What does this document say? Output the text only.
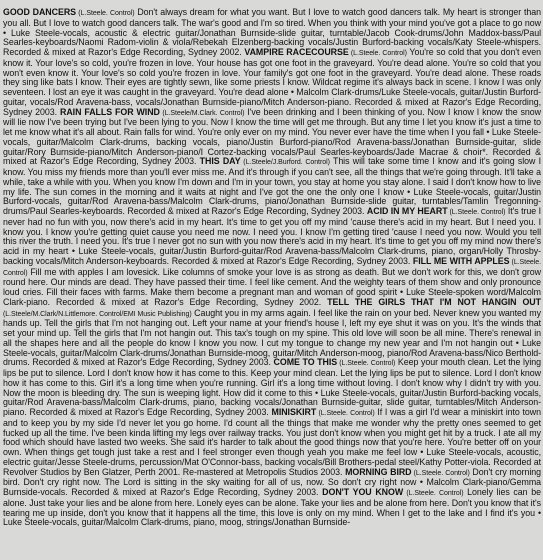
GOOD DANCERS (L.Steele. Control) Don't always dream for what you want. But I love to watch good dancers talk. My heart is stronger than you all. But I love to watch good dancers talk. The war's good and I'm so tired. When you think with your mind you've got a place to go now • Luke Steele-vocals, acoustic & electric guitar/Jonathan Burnside-slide guitar, turntable/Jacob Cook-drums/John Maddox-bass/Paul Searles-keyboards/Naomi Radom-violin & viola/Rebekah Elzenberg-backing vocals/Justin Burford-backing vocals/Katy Steele-whispers. Recorded & mixed at Razor's Edge Recording, Sydney 2002. VAMPIRE RACECOURSE (L.Steele. Control) You're so cold that you don't even know it. Your love's so cold, you're frozen in love. Your house has got one foot in the graveyard. You're dead alone. You're so cold that you won't even know it. Your love's so cold you're frozen in love. Your family's got one foot in the graveyard. You're dead alone. These roads they sing like bats I know. Their eyes are tightly sewn, like some priests I know. Wildcat regime it's always back in scene. I know I was only seventeen. I lost an eye it was caught in the graveyard. You're dead alone • Malcolm Clark-drums/Luke Steele-vocals, guitar/Justin Burford-guitar, vocals/Rod Aravena-bass, vocals/Jonathan Burnside-piano/Mitch Anderson-piano. Recorded & mixed at Razor's Edge Recording, Sydney 2003. RAIN FALLS FOR WIND (L.Steele/M.Clark. Control) I've been drinking and I been thinking of you. Now I know I know the snow will lie now I've been trying but I've been lying to you. Now I know the time will get me through. But any time I let you know it's just a time to let me know what it's all about. Rain falls for wind. You're only ever on my mind. You never ever have the time when I you fall • Luke Steele-vocals, guitar/Malcolm Clark-drums, backing vocals, piano/Justin Burford-piano/Rod Aravena-bass/Jonathan Burnside-guitar, slide guitar/Rory Burnside-piano/Mitch Anderson-piano/I Cortez-backing vocals/Paul Searles-keyboards/Jade Macrae & choir*. Recorded & mixed at Razor's Edge Recording, Sydney 2003. THIS DAY (L.Steele/J.Burford. Control) This will take some time I know and it's going slow I know. You miss my friends more than you'll ever miss me. And it's through if you can't see, all the things that we're going through. It'll take a while, take a while with you. When you know I'm down and I'm in your town, you stay at home you stay alone. I said I don't know how to live my life. The sun comes in the morning and it waits at night and I've got the one the only one I know • Luke Steele-vocals, guitar/Justin Burford-vocals, guitar/Rod Aravena-bass/Malcolm Clark-drums, piano/Jonathan Burnside-slide guitar, turntables/Tamlin Tregonning-drums/Paul Searles-keyboards. Recorded & mixed at Razor's Edge Recording, Sydney 2003. ACID IN MY HEART (L.Steele. Control) It's true I never had no fun with you, now there's acid in my heart. It's time to get you off my mind 'cause there's acid in my heart. But I need you. I know you. I know you're getting quiet cause you need me now. I need you. I know I'm getting tired 'cause I need you now. Would you tell this river the truth. I need you. It's true I never got no sun with you now there's acid in my heart. It's time to get you off my mind now there's acid in my heart • Luke Steele-vocals, guitar/Justin Burford-guitar/Rod Aravena-bass/Malcolm Clark-drums, piano, organ/Holly Throsby-backing vocals/Mitch Anderson-keyboards. Recorded & mixed at Razor's Edge Recording, Sydney 2003. FILL ME WITH APPLES (L.Steele. Control) Fill me with apples I am lovesick. Like columns of smoke your love is as strong as death. But we don't work for this, we don't grow round here. Our minds are dead. They have passed their time. I feel like cement. And the weighty tears of them show and only pronounce loud cries. Fill their faces with farms. Make them become a pregnant man and woman of good spirit • Luke Steele-spoken word/Malcolm Clark-piano. Recorded & mixed at Razor's Edge Recording, Sydney 2002. TELL THE GIRLS THAT I'M NOT HANGIN OUT (L.Steele/M.Clark/N.Littlemore. Control/EMI Music Publishing) Caught you in my arms again. I feel like the rain on your bed. Never knew you wanted my hands up. Tell the girls that I'm not hanging out. Left your name at your friend's house I, left my eye shut it was on you. It's the winds that set your mind up. Tell the girls that I'm not hangin out. This tax's tough on my spine. This old love will soon be all mine. There's renewal in all the shapes here and all the people do know I know you now. I cut my tongue to change my new year and I'm not hangin out • Luke Steele-vocals, guitar/Malcolm Clark-drums/Jonathan Burnside-moog, guitar/Mitch Anderson-moog, piano/Rod Aravena-bass/Nico Berthold-drums. Recorded & mixed at Razor's Edge Recording, Sydney 2003. COME TO THIS (L.Steele. Control) Keep your mouth clean. Let the lying lips be put to silence. Lord I don't know how it has come to this. Keep your mind clean. Let the lying lips be put to silence. Lord I don't know how it has come to this. Girl it's a long time when you're running. Girl it's a long time without loving. I don't know why I didn't try with you. Now the moon is bleeding dry. The sun is weeping light. How did it come to this • Luke Steele-vocals, guitar/Justin Burford-backing vocals, guitar/Rod Aravena-bass/Malcolm Clark-drums, piano, backing vocals/Jonathan Burnside-guitar, slide guitar, turntables/Mitch Anderson-piano. Recorded & mixed at Razor's Edge Recording, Sydney 2003. MINISKIRT (L.Steele. Control) If I was a girl I'd wear a miniskirt into town and to keep you by my side I'd never let you go home. I'd count all the things that make me wonder why the pretty ones seemed to get fucked up all the time. I've been kinda lifting my legs over railway tracks. You just don't know when you might get hit by a truck. I ate all my food which should have lasted two weeks. She said it's harder to talk about the good things now that you're here. You're better off on your own. When things get tough just take a rest and I feel stronger even though yeah you make me feel low • Luke Steele-vocals, acoustic, electric guitar/Jesse Steele-drums, percussion/Mat O'Connor-bass, backing vocals/Bill Brothers-pedal steel/Kathy Potter-viola. Recorded at Revolver Studios by Ben Glatzer, Perth 2001. Re-mastered at Metropolis Studios 2003. MORNING BIRD (L.Steele. Control) Don't cry morning bird. Don't cry right now. The Lord is sitting in the sky waiting for all of us, now. So don't cry right now • Malcolm Clark-piano/Gemma Burnside-vocals. Recorded & mixed at Razor's Edge Recording, Sydney 2003. DON'T YOU KNOW (L.Steele. Control) Lonely lies can be alone. Just take your lies and be alone from here. Lonely eyes can be alone. Take your lies and be alone from here. Don't you know that it's tearing me up inside, don't you know that it happens all the time, this love is only on my mind. When I get to the lake and I find it's you • Luke Steele-vocals, guitar/Malcolm Clark-drums, piano, moog, strings/Jonathan Burnside-
